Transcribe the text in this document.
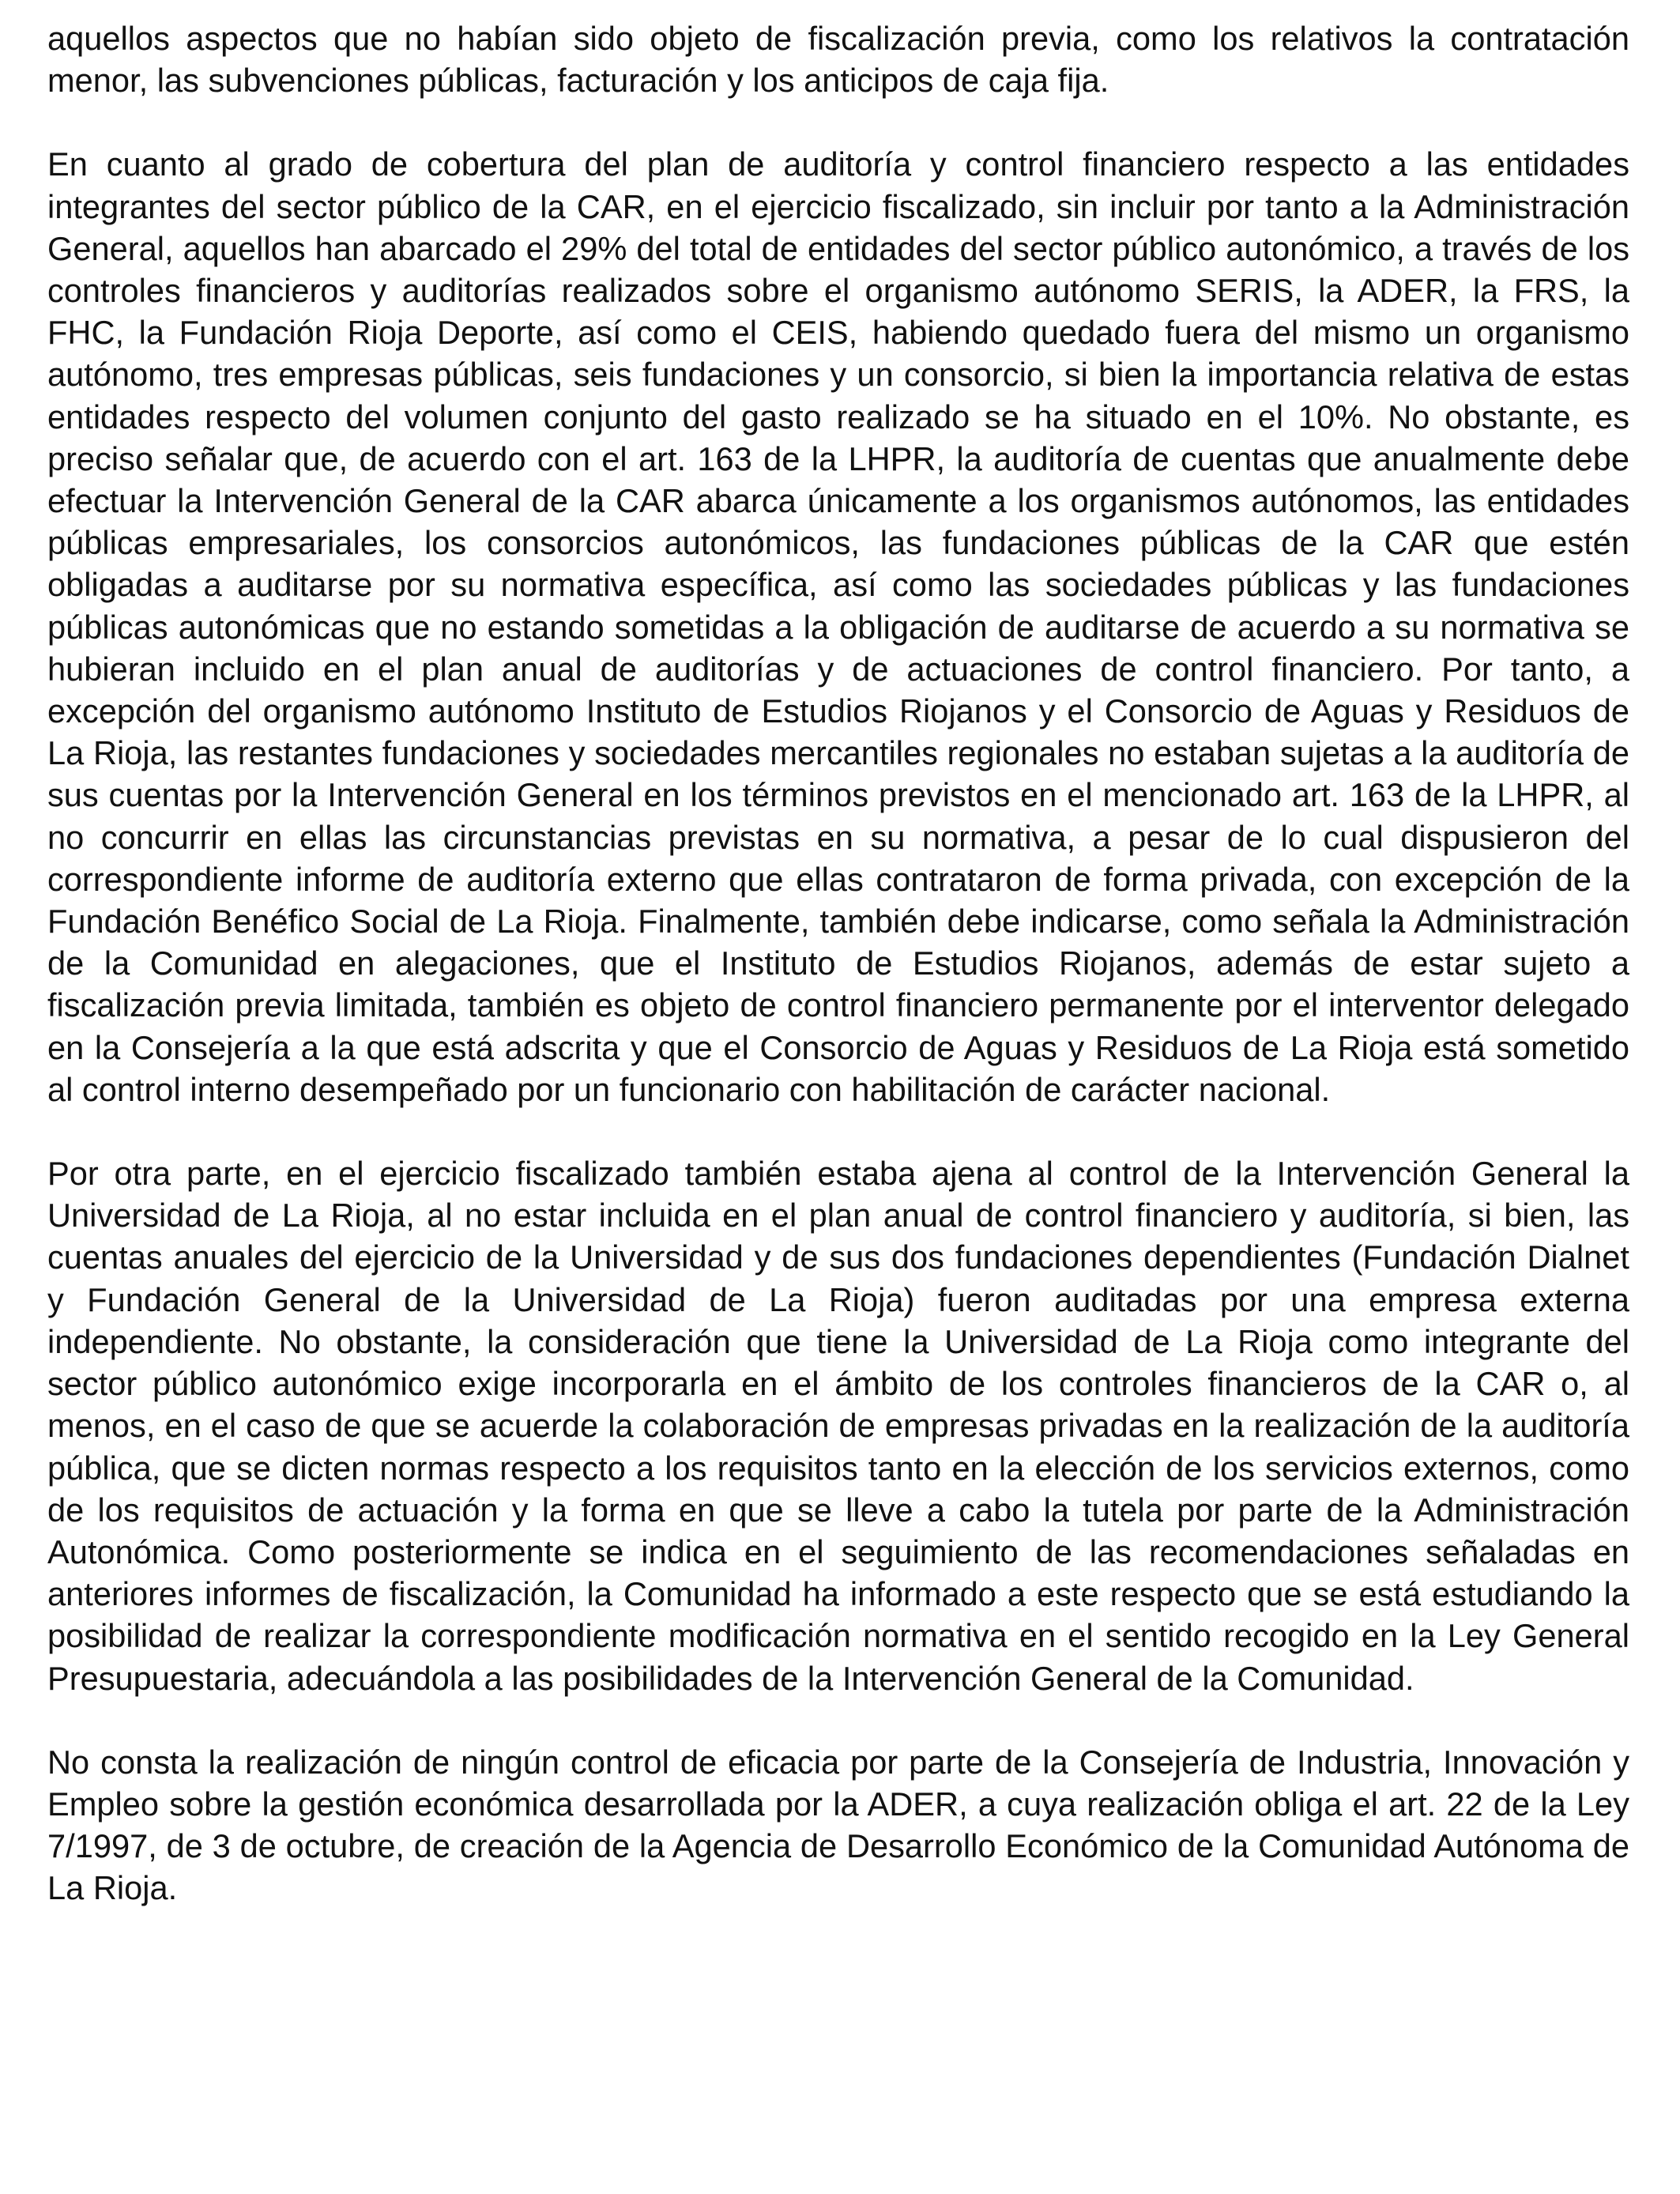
aquellos aspectos que no habían sido objeto de fiscalización previa, como los relativos la contratación menor, las subvenciones públicas, facturación y los anticipos de caja fija.

En cuanto al grado de cobertura del plan de auditoría y control financiero respecto a las entidades integrantes del sector público de la CAR, en el ejercicio fiscalizado, sin incluir por tanto a la Administración General, aquellos han abarcado el 29% del total de entidades del sector público autonómico, a través de los controles financieros y auditorías realizados sobre el organismo autónomo SERIS, la ADER, la FRS, la FHC, la Fundación Rioja Deporte, así como el CEIS, habiendo quedado fuera del mismo un organismo autónomo, tres empresas públicas, seis fundaciones y un consorcio, si bien la importancia relativa de estas entidades respecto del volumen conjunto del gasto realizado se ha situado en el 10%. No obstante, es preciso señalar que, de acuerdo con el art. 163 de la LHPR, la auditoría de cuentas que anualmente debe efectuar la Intervención General de la CAR abarca únicamente a los organismos autónomos, las entidades públicas empresariales, los consorcios autonómicos, las fundaciones públicas de la CAR que estén obligadas a auditarse por su normativa específica, así como las sociedades públicas y las fundaciones públicas autonómicas que no estando sometidas a la obligación de auditarse de acuerdo a su normativa se hubieran incluido en el plan anual de auditorías y de actuaciones de control financiero. Por tanto, a excepción del organismo autónomo Instituto de Estudios Riojanos y el Consorcio de Aguas y Residuos de La Rioja, las restantes fundaciones y sociedades mercantiles regionales no estaban sujetas a la auditoría de sus cuentas por la Intervención General en los términos previstos en el mencionado art. 163 de la LHPR, al no concurrir en ellas las circunstancias previstas en su normativa, a pesar de lo cual dispusieron del correspondiente informe de auditoría externo que ellas contrataron de forma privada, con excepción de la Fundación Benéfico Social de La Rioja. Finalmente, también debe indicarse, como señala la Administración de la Comunidad en alegaciones, que el Instituto de Estudios Riojanos, además de estar sujeto a fiscalización previa limitada, también es objeto de control financiero permanente por el interventor delegado en la Consejería a la que está adscrita y que el Consorcio de Aguas y Residuos de La Rioja está sometido al control interno desempeñado por un funcionario con habilitación de carácter nacional.

Por otra parte, en el ejercicio fiscalizado también estaba ajena al control de la Intervención General la Universidad de La Rioja, al no estar incluida en el plan anual de control financiero y auditoría, si bien, las cuentas anuales del ejercicio de la Universidad y de sus dos fundaciones dependientes (Fundación Dialnet y Fundación General de la Universidad de La Rioja) fueron auditadas por una empresa externa independiente. No obstante, la consideración que tiene la Universidad de La Rioja como integrante del sector público autonómico exige incorporarla en el ámbito de los controles financieros de la CAR o, al menos, en el caso de que se acuerde la colaboración de empresas privadas en la realización de la auditoría pública, que se dicten normas respecto a los requisitos tanto en la elección de los servicios externos, como de los requisitos de actuación y la forma en que se lleve a cabo la tutela por parte de la Administración Autonómica. Como posteriormente se indica en el seguimiento de las recomendaciones señaladas en anteriores informes de fiscalización, la Comunidad ha informado a este respecto que se está estudiando la posibilidad de realizar la correspondiente modificación normativa en el sentido recogido en la Ley General Presupuestaria, adecuándola a las posibilidades de la Intervención General de la Comunidad.

No consta la realización de ningún control de eficacia por parte de la Consejería de Industria, Innovación y Empleo sobre la gestión económica desarrollada por la ADER, a cuya realización obliga el art. 22 de la Ley 7/1997, de 3 de octubre, de creación de la Agencia de Desarrollo Económico de la Comunidad Autónoma de La Rioja.
